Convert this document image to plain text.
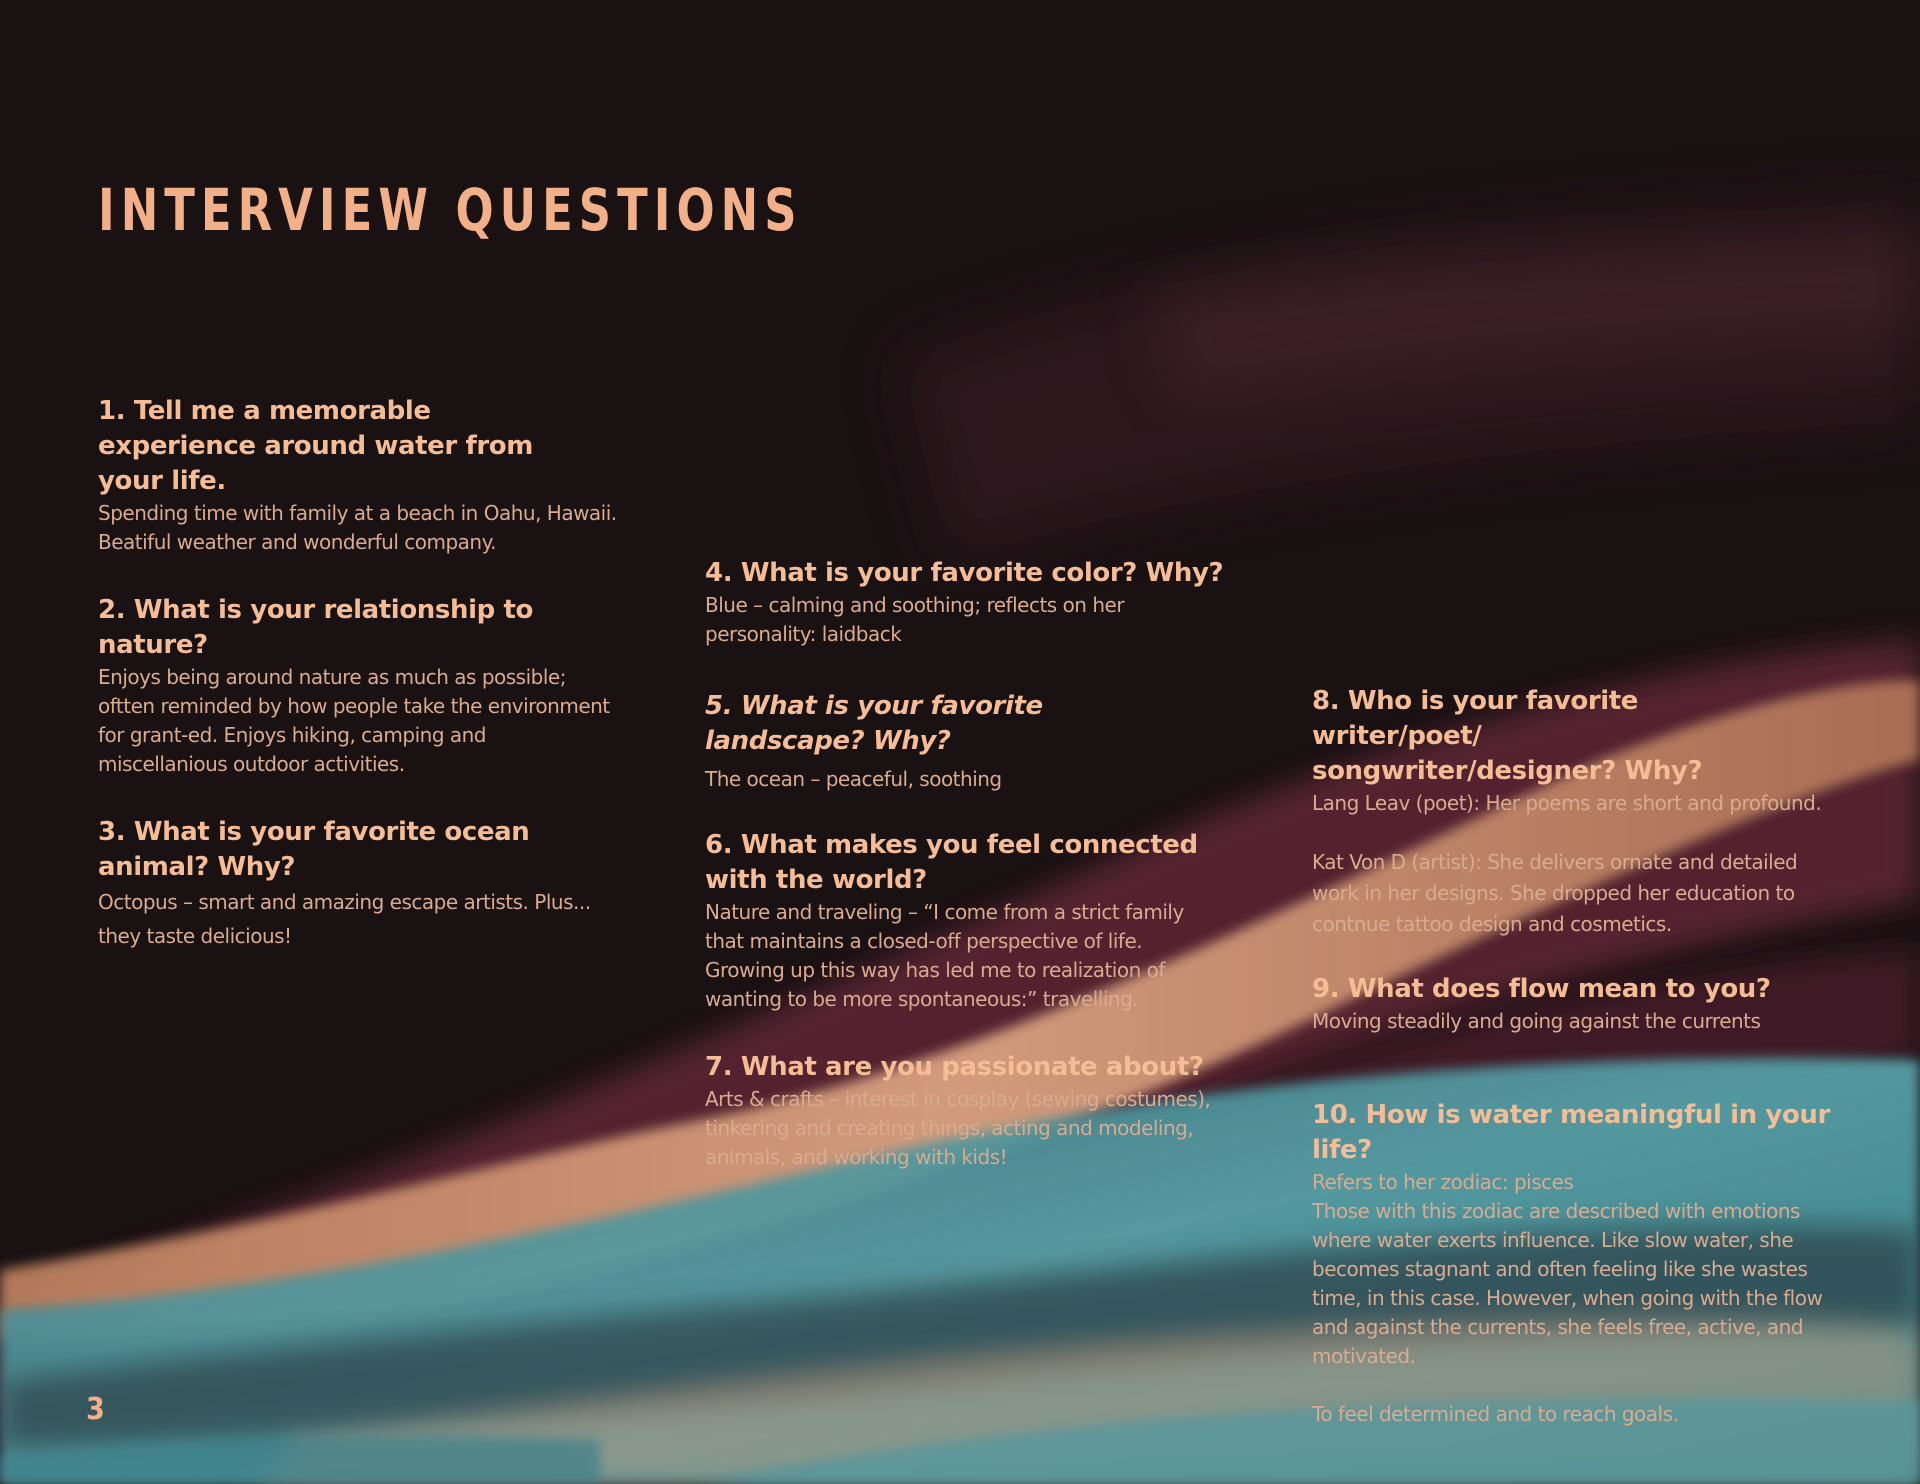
INTERVIEW QUESTIONS
1. Tell me a memorable experience around water from your life.

Spending time with family at a beach in Oahu, Hawaii. Beatiful weather and wonderful company.

2. What is your relationship to nature?

Enjoys being around nature as much as possible; oftten reminded by how people take the environment for grant-ed. Enjoys hiking, camping and miscellanious outdoor activities.

3. What is your favorite ocean animal? Why?

Octopus – smart and amazing escape artists. Plus... they taste delicious!

4. What is your favorite color? Why?

Blue – calming and soothing; reflects on her personality: laidback

5. What is your favorite landscape? Why?

The ocean – peaceful, soothing

6. What makes you feel connected with the world?

Nature and traveling – “I come from a strict family that maintains a closed-off perspective of life. Growing up this way has led me to realization of wanting to be more spontaneous:” travelling.

7. What are you passionate about?

Arts & crafts – interest in cosplay (sewing costumes), tinkering and creating things, acting and modeling, animals, and working with kids!

8. Who is your favorite writer/poet/ songwriter/designer? Why?

Lang Leav (poet): Her poems are short and profound.

Kat Von D (artist): She delivers ornate and detailed work in her designs. She dropped her education to contnue tattoo design and cosmetics.

9. What does flow mean to you?

Moving steadily and going against the currents

10. How is water meaningful in your life?

Refers to her zodiac: pisces

Those with this zodiac are described with emotions where water exerts influence. Like slow water, she becomes stagnant and often feeling like she wastes time, in this case. However, when going with the flow and against the currents, she feels free, active, and motivated.

To feel determined and to reach goals.

3
